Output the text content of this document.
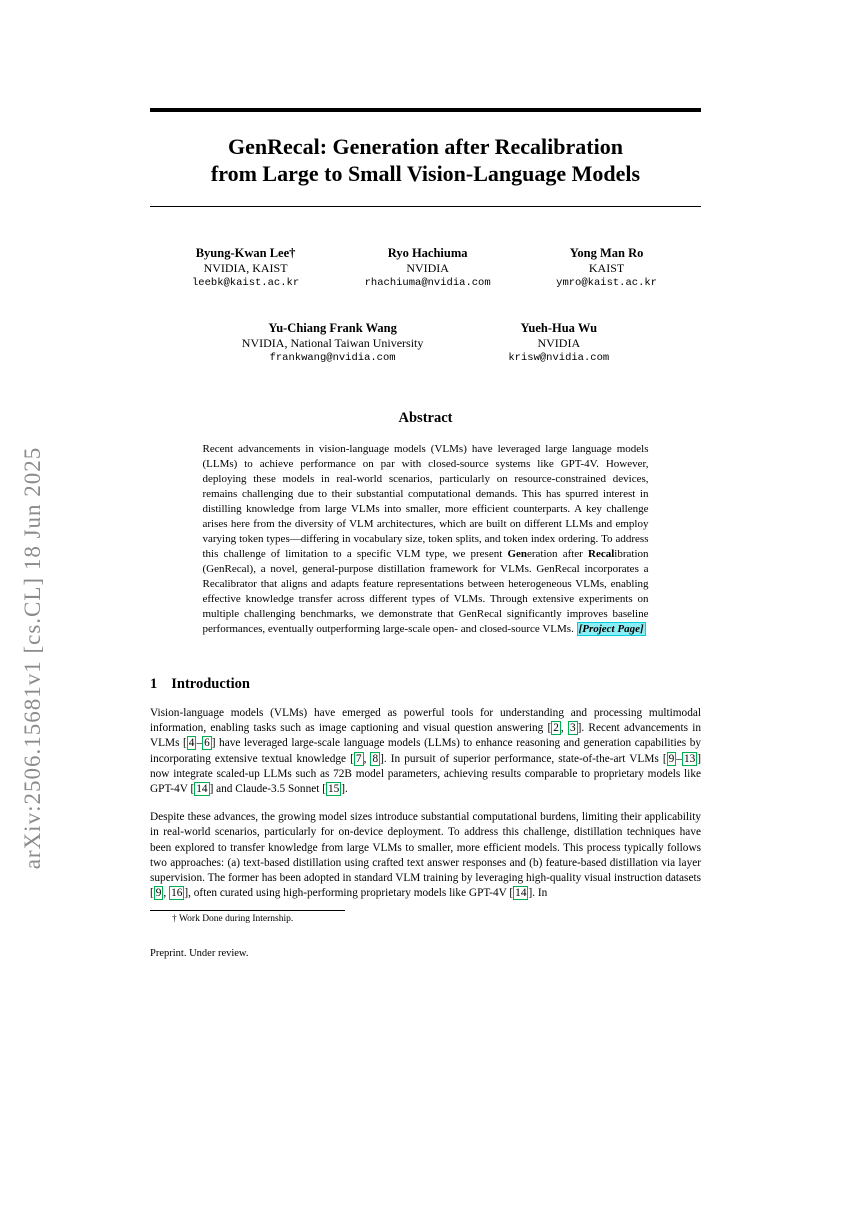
arXiv:2506.15681v1 [cs.CL] 18 Jun 2025
GenRecal: Generation after Recalibration
from Large to Small Vision-Language Models
Byung-Kwan Lee†
NVIDIA, KAIST
leebk@kaist.ac.kr
Ryo Hachiuma
NVIDIA
rhachiuma@nvidia.com
Yong Man Ro
KAIST
ymro@kaist.ac.kr
Yu-Chiang Frank Wang
NVIDIA, National Taiwan University
frankwang@nvidia.com
Yueh-Hua Wu
NVIDIA
krisw@nvidia.com
Abstract

Recent advancements in vision-language models (VLMs) have leveraged large language models (LLMs) to achieve performance on par with closed-source systems like GPT-4V. However, deploying these models in real-world scenarios, particularly on resource-constrained devices, remains challenging due to their substantial computational demands. This has spurred interest in distilling knowledge from large VLMs into smaller, more efficient counterparts. A key challenge arises here from the diversity of VLM architectures, which are built on different LLMs and employ varying token types—differing in vocabulary size, token splits, and token index ordering. To address this challenge of limitation to a specific VLM type, we present Generation after Recalibration (GenRecal), a novel, general-purpose distillation framework for VLMs. GenRecal incorporates a Recalibrator that aligns and adapts feature representations between heterogeneous VLMs, enabling effective knowledge transfer across different types of VLMs. Through extensive experiments on multiple challenging benchmarks, we demonstrate that GenRecal significantly improves baseline performances, eventually outperforming large-scale open- and closed-source VLMs. [Project Page]

1 Introduction

Vision-language models (VLMs) have emerged as powerful tools for understanding and processing multimodal information, enabling tasks such as image captioning and visual question answering [ 2 , 3 ]. Recent advancements in VLMs [ 4 – 6 ] have leveraged large-scale language models (LLMs) to enhance reasoning and generation capabilities by incorporating extensive textual knowledge [ 7 , 8 ]. In pursuit of superior performance, state-of-the-art VLMs [ 9 – 13 ] now integrate scaled-up LLMs such as 72B model parameters, achieving results comparable to proprietary models like GPT-4V [ 14 ] and Claude-3.5 Sonnet [ 15 ].

Despite these advances, the growing model sizes introduce substantial computational burdens, limiting their applicability in real-world scenarios, particularly for on-device deployment. To address this challenge, distillation techniques have been explored to transfer knowledge from large VLMs to smaller, more efficient models. This process typically follows two approaches: (a) text-based distillation using crafted text answer responses and (b) feature-based distillation via layer supervision. The former has been adopted in standard VLM training by leveraging high-quality visual instruction datasets [ 9 , 16 ], often curated using high-performing proprietary models like GPT-4V [ 14 ]. In

† Work Done during Internship.

Preprint. Under review.
